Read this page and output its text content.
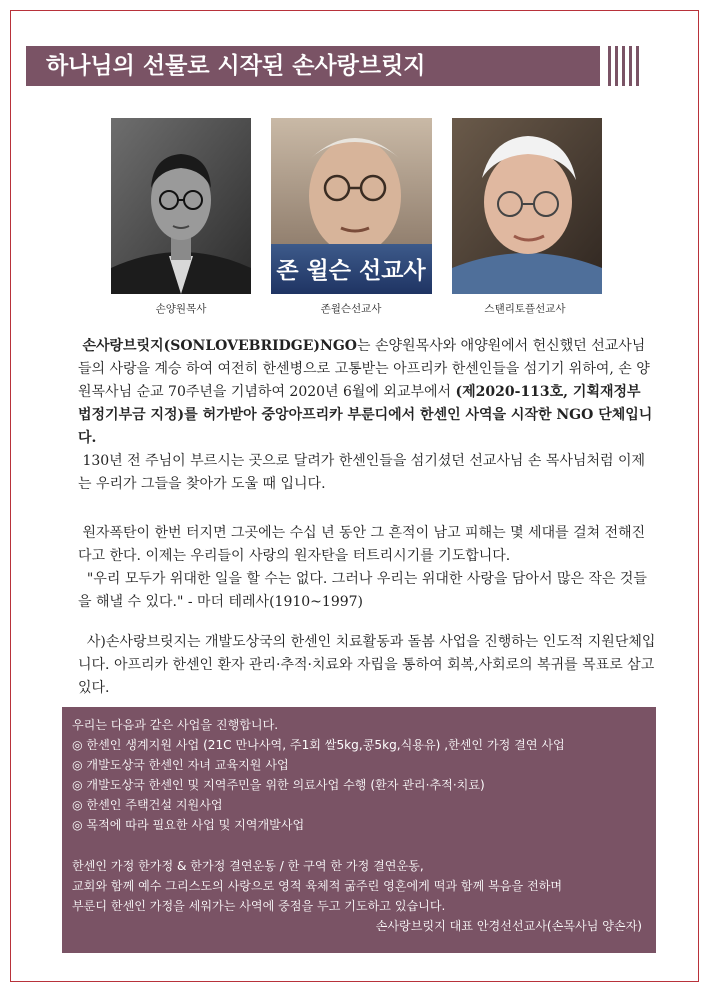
하나님의 선물로 시작된 손사랑브릿지
손양원목사
존 윌슨 선교사
존윌슨선교사	스탠리토플선교사

손사랑브릿지(SONLOVEBRIDGE)NGO는 손양원목사와 애양원에서 헌신했던 선교사님들의 사랑을 계승 하여 여전히 한센병으로 고통받는 아프리카 한센인들을 섬기기 위하여, 손 양원목사님 순교 70주년을 기념하여 2020년 6월에 외교부에서 (제2020-113호, 기획재정부 법정기부금 지정)를 허가받아 중앙아프리카 부룬디에서 한센인 사역을 시작한 NGO 단체입니다.

130년 전 주님이 부르시는 곳으로 달려가 한센인들을 섬기셨던 선교사님 손 목사님처럼 이제는 우리가 그들을 찾아가 도울 때 입니다.

원자폭탄이 한번 터지면 그곳에는 수십 년 동안 그 흔적이 남고 피해는 몇 세대를 걸쳐 전해진다고 한다. 이제는 우리들이 사랑의 원자탄을 터트리시기를 기도합니다.

"우리 모두가 위대한 일을 할 수는 없다. 그러나 우리는 위대한 사랑을 담아서 많은 작은 것들을 해낼 수 있다." - 마더 테레사(1910~1997)

사)손사랑브릿지는 개발도상국의 한센인 치료활동과 돌봄 사업을 진행하는 인도적 지원단체입니다. 아프리카 한센인 환자 관리·추적·치료와 자립을 통하여 회복,사회로의 복귀를 목표로 삼고 있다.

우리는 다음과 같은 사업을 진행합니다.
◎ 한센인 생계지원 사업 (21C 만나사역, 주1회 쌀5kg,콩5kg,식용유) ,한센인 가정 결연 사업
◎ 개발도상국 한센인 자녀 교육지원 사업
◎ 개발도상국 한센인 및 지역주민을 위한 의료사업 수행 (환자 관리·추적·치료)
◎ 한센인 주택건설 지원사업
◎ 목적에 따라 필요한 사업 및 지역개발사업
한센인 가정 한가정 & 한가정 결연운동 / 한 구역 한 가정 결연운동,
교회와 함께 예수 그리스도의 사랑으로 영적 육체적 굶주린 영혼에게 떡과 함께 복음을 전하며
부룬디 한센인 가정을 세워가는 사역에 중점을 두고 기도하고 있습니다.
손사랑브릿지 대표 안경선선교사(손목사님 양손자)
